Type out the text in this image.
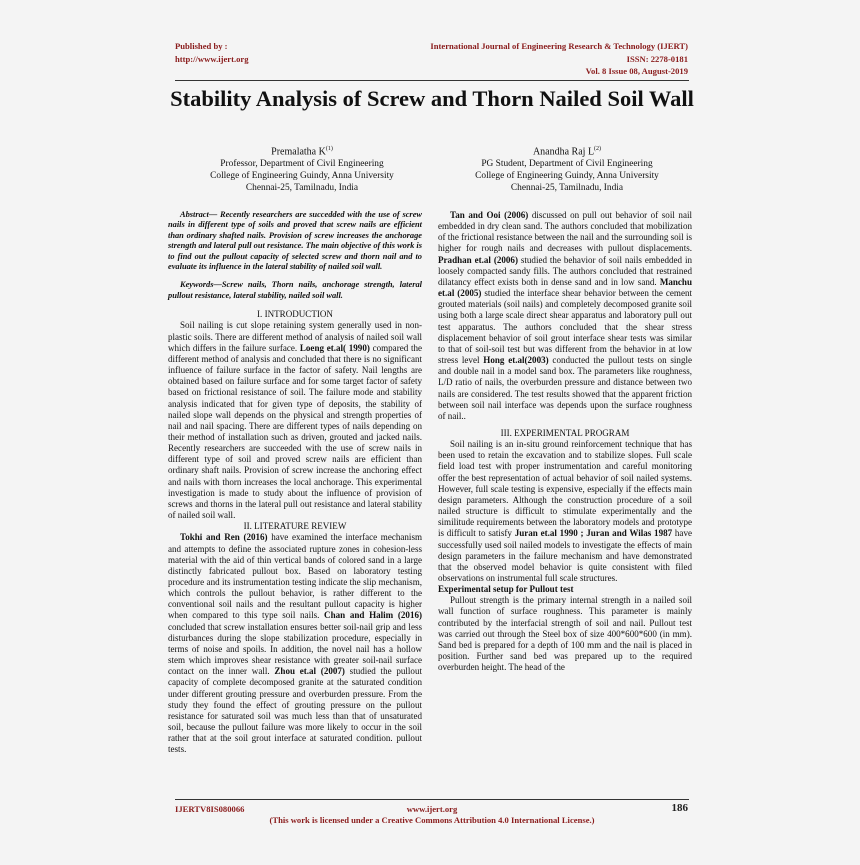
Published by :
http://www.ijert.org
International Journal of Engineering Research & Technology (IJERT)
ISSN: 2278-0181
Vol. 8 Issue 08, August-2019
Stability Analysis of Screw and Thorn Nailed Soil Wall
Premalatha $K^{(1)}$
Professor, Department of Civil Engineering
College of Engineering Guindy, Anna University
Chennai-25, Tamilnadu, India
Anandha Raj $L^{(2)}$
PG Student, Department of Civil Engineering
College of Engineering Guindy, Anna University
Chennai-25, Tamilnadu, India

Abstract— Recently researchers are succedded with the use of screw nails in different type of soils and proved that screw nails are efficient than ordinary shafted nails. Provision of screw increases the anchorage strength and lateral pull out resistance. The main objective of this work is to find out the pullout capacity of selected screw and thorn nail and to evaluate its influence in the lateral stability of nailed soil wall.

Keywords—Screw nails, Thorn nails, anchorage strength, lateral pullout resistance, lateral stability, nailed soil wall.

I. INTRODUCTION

Soil nailing is cut slope retaining system generally used in non-plastic soils. There are different method of analysis of nailed soil wall which differs in the failure surface. Loeng et.al( 1990) compared the different method of analysis and concluded that there is no significant influence of failure surface in the factor of safety. Nail lengths are obtained based on failure surface and for some target factor of safety based on frictional resistance of soil. The failure mode and stability analysis indicated that for given type of deposits, the stability of nailed slope wall depends on the physical and strength properties of nail and nail spacing. There are different types of nails depending on their method of installation such as driven, grouted and jacked nails. Recently researchers are succeeded with the use of screw nails in different type of soil and proved screw nails are efficient than ordinary shaft nails. Provision of screw increase the anchoring effect and nails with thorn increases the local anchorage. This experimental investigation is made to study about the influence of provision of screws and thorns in the lateral pull out resistance and lateral stability of nailed soil wall.

II. LITERATURE REVIEW

Tokhi and Ren (2016) have examined the interface mechanism and attempts to define the associated rupture zones in cohesion-less material with the aid of thin vertical bands of colored sand in a large distinctly fabricated pullout box. Based on laboratory testing procedure and its instrumentation testing indicate the slip mechanism, which controls the pullout behavior, is rather different to the conventional soil nails and the resultant pullout capacity is higher when compared to this type soil nails. Chan and Halim (2016) concluded that screw installation ensures better soil-nail grip and less disturbances during the slope stabilization procedure, especially in terms of noise and spoils. In addition, the novel nail has a hollow stem which improves shear resistance with greater soil-nail surface contact on the inner wall. Zhou et.al (2007) studied the pullout capacity of complete decomposed granite at the saturated condition under different grouting pressure and overburden pressure. From the study they found the effect of grouting pressure on the pullout resistance for saturated soil was much less than that of unsaturated soil, because the pullout failure was more likely to occur in the soil rather that at the soil grout interface at saturated condition. pullout tests.

Tan and Ooi (2006) discussed on pull out behavior of soil nail embedded in dry clean sand. The authors concluded that mobilization of the frictional resistance between the nail and the surrounding soil is higher for rough nails and decreases with pullout displacements. Pradhan et.al (2006) studied the behavior of soil nails embedded in loosely compacted sandy fills. The authors concluded that restrained dilatancy effect exists both in dense sand and in low sand. Manchu et.al (2005) studied the interface shear behavior between the cement grouted materials (soil nails) and completely decomposed granite soil using both a large scale direct shear apparatus and laboratory pull out test apparatus. The authors concluded that the shear stress displacement behavior of soil grout interface shear tests was similar to that of soil-soil test but was different from the behavior in at low stress level Hong et.al(2003) conducted the pullout tests on single and double nail in a model sand box. The parameters like roughness, L/D ratio of nails, the overburden pressure and distance between two nails are considered. The test results showed that the apparent friction between soil nail interface was depends upon the surface roughness of nail..

III. EXPERIMENTAL PROGRAM

Soil nailing is an in-situ ground reinforcement technique that has been used to retain the excavation and to stabilize slopes. Full scale field load test with proper instrumentation and careful monitoring offer the best representation of actual behavior of soil nailed systems. However, full scale testing is expensive, especially if the effects main design parameters. Although the construction procedure of a soil nailed structure is difficult to stimulate experimentally and the similitude requirements between the laboratory models and prototype is difficult to satisfy Juran et.al 1990 ; Juran and Wilas 1987 have successfully used soil nailed models to investigate the effects of main design parameters in the failure mechanism and have demonstrated that the observed model behavior is quite consistent with filed observations on instrumental full scale structures.

Experimental setup for Pullout test

Pullout strength is the primary internal strength in a nailed soil wall function of surface roughness. This parameter is mainly contributed by the interfacial strength of soil and nail. Pullout test was carried out through the Steel box of size 400*600*600 (in mm). Sand bed is prepared for a depth of 100 mm and the nail is placed in position. Further sand bed was prepared up to the required overburden height. The head of the

IJERTV8IS080066	www.ijert.org	186
(This work is licensed under a Creative Commons Attribution 4.0 International License.)
